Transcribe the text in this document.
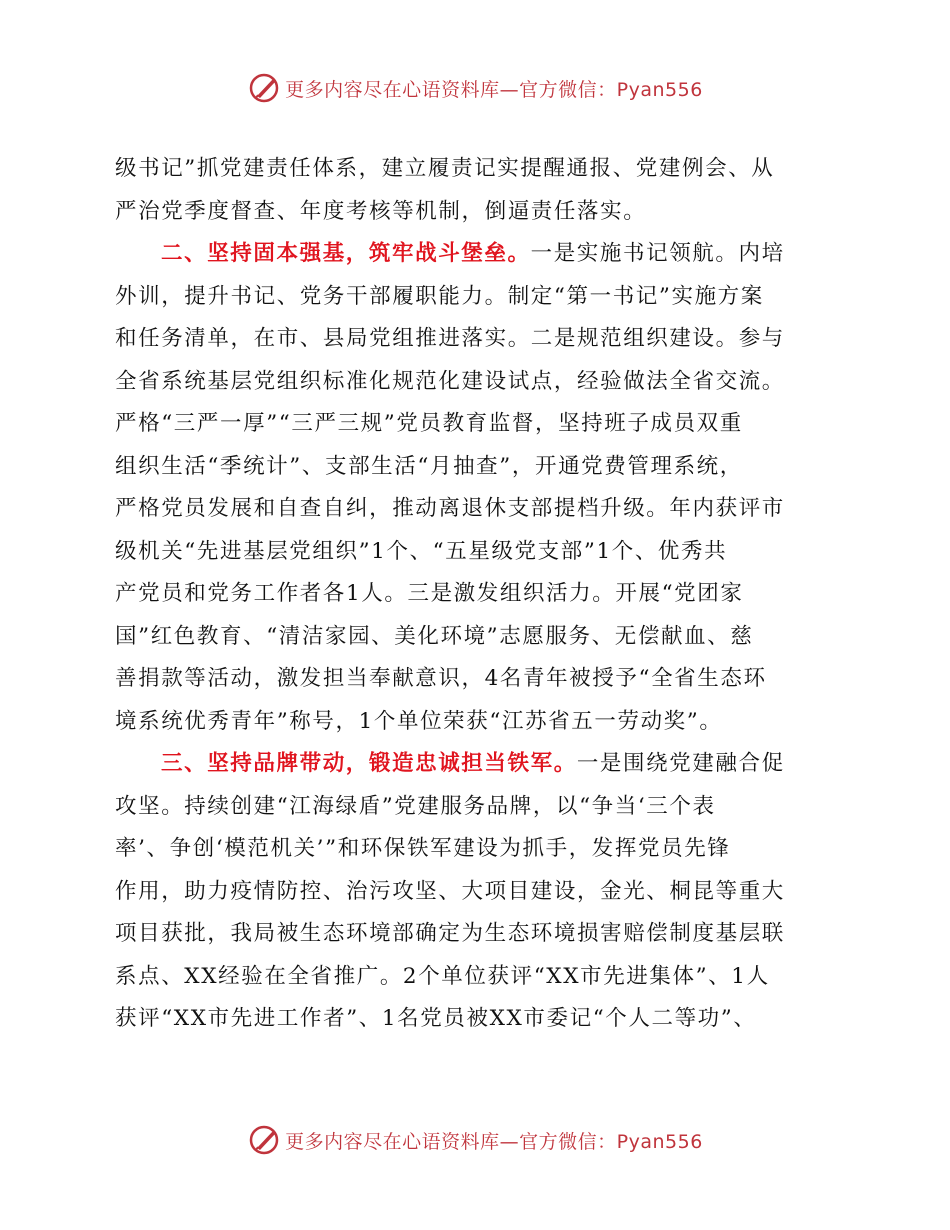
更多内容尽在心语资料库—官方微信：Pyan556
级书记”抓党建责任体系，建立履责记实提醒通报、党建例会、从
严治党季度督查、年度考核等机制，倒逼责任落实。
二、坚持固本强基，筑牢战斗堡垒。一是实施书记领航。内培
外训，提升书记、党务干部履职能力。制定“第一书记”实施方案
和任务清单，在市、县局党组推进落实。二是规范组织建设。参与
全省系统基层党组织标准化规范化建设试点，经验做法全省交流。
严格“三严一厚”“三严三规”党员教育监督，坚持班子成员双重
组织生活“季统计”、支部生活“月抽查”，开通党费管理系统，
严格党员发展和自查自纠，推动离退休支部提档升级。年内获评市
级机关“先进基层党组织”1个、“五星级党支部”1个、优秀共
产党员和党务工作者各1人。三是激发组织活力。开展“党团家
国”红色教育、“清洁家园、美化环境”志愿服务、无偿献血、慈
善捐款等活动，激发担当奉献意识，4名青年被授予“全省生态环
境系统优秀青年”称号，1个单位荣获“江苏省五一劳动奖”。
三、坚持品牌带动，锻造忠诚担当铁军。一是围绕党建融合促
攻坚。持续创建“江海绿盾”党建服务品牌，以“争当‘三个表
率’、争创‘模范机关’”和环保铁军建设为抓手，发挥党员先锋
作用，助力疫情防控、治污攻坚、大项目建设，金光、桐昆等重大
项目获批，我局被生态环境部确定为生态环境损害赔偿制度基层联
系点、XX经验在全省推广。2个单位获评“XX市先进集体”、1人
获评“XX市先进工作者”、1名党员被XX市委记“个人二等功”、
更多内容尽在心语资料库—官方微信：Pyan556
